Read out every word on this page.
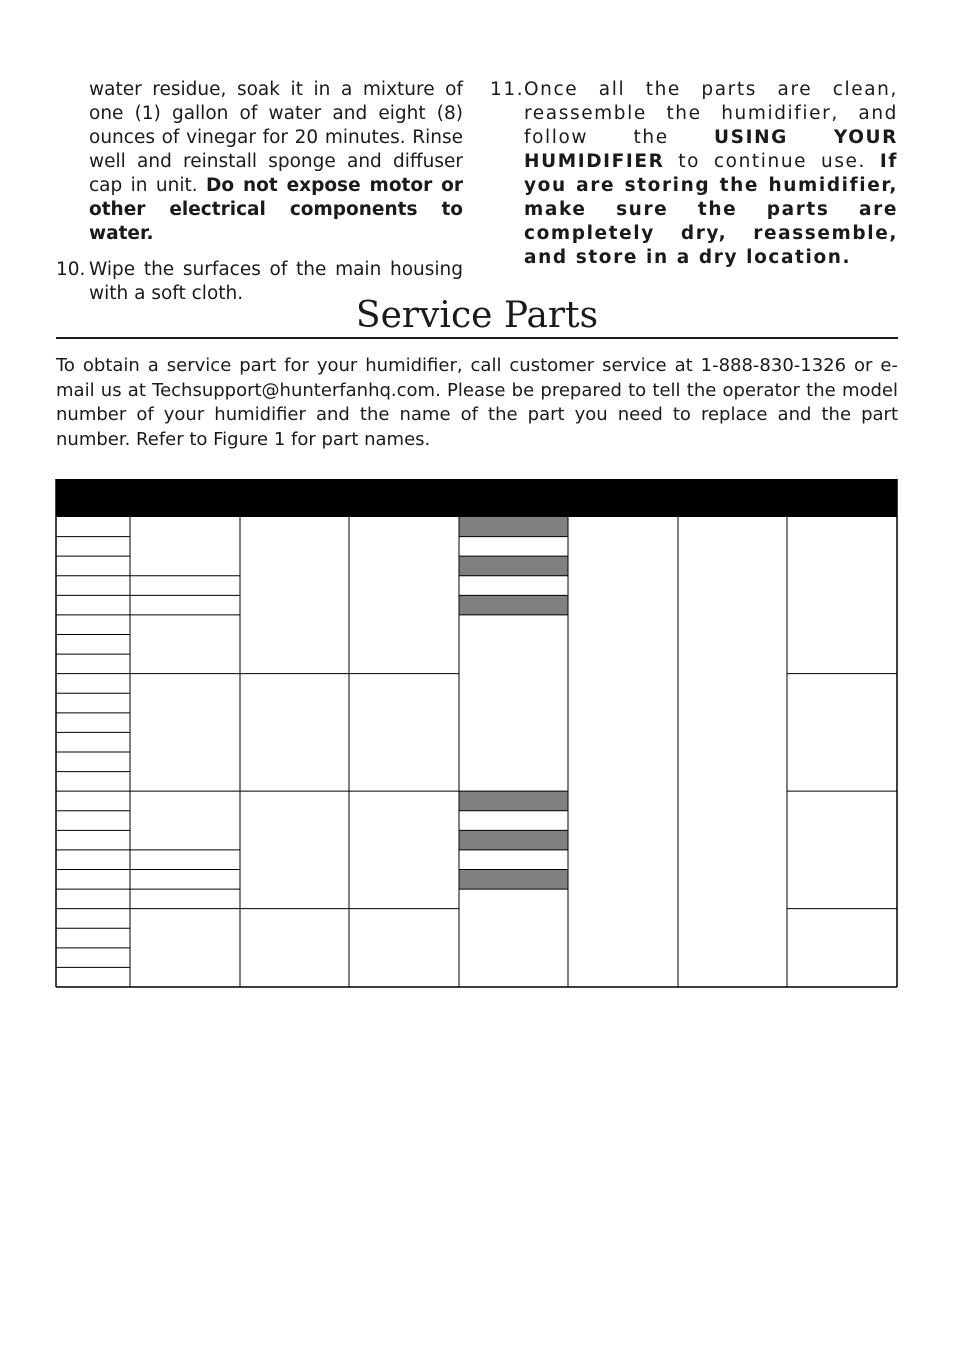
water residue, soak it in a mixture of one (1) gallon of water and eight (8) ounces of vinegar for 20 minutes. Rinse well and reinstall sponge and diffuser cap in unit. Do not expose motor or other electrical components to water.
10. Wipe the surfaces of the main housing with a soft cloth.
11. Once all the parts are clean, reassemble the humidifier, and follow the USING YOUR HUMIDIFIER to continue use. If you are storing the humidifier, make sure the parts are completely dry, reassemble, and store in a dry location.
Service Parts
To obtain a service part for your humidifier, call customer service at 1-888-830-1326 or e-mail us at Techsupport@hunterfanhq.com. Please be prepared to tell the operator the model number of your humidifier and the name of the part you need to replace and the part number. Refer to Figure 1 for part names.
